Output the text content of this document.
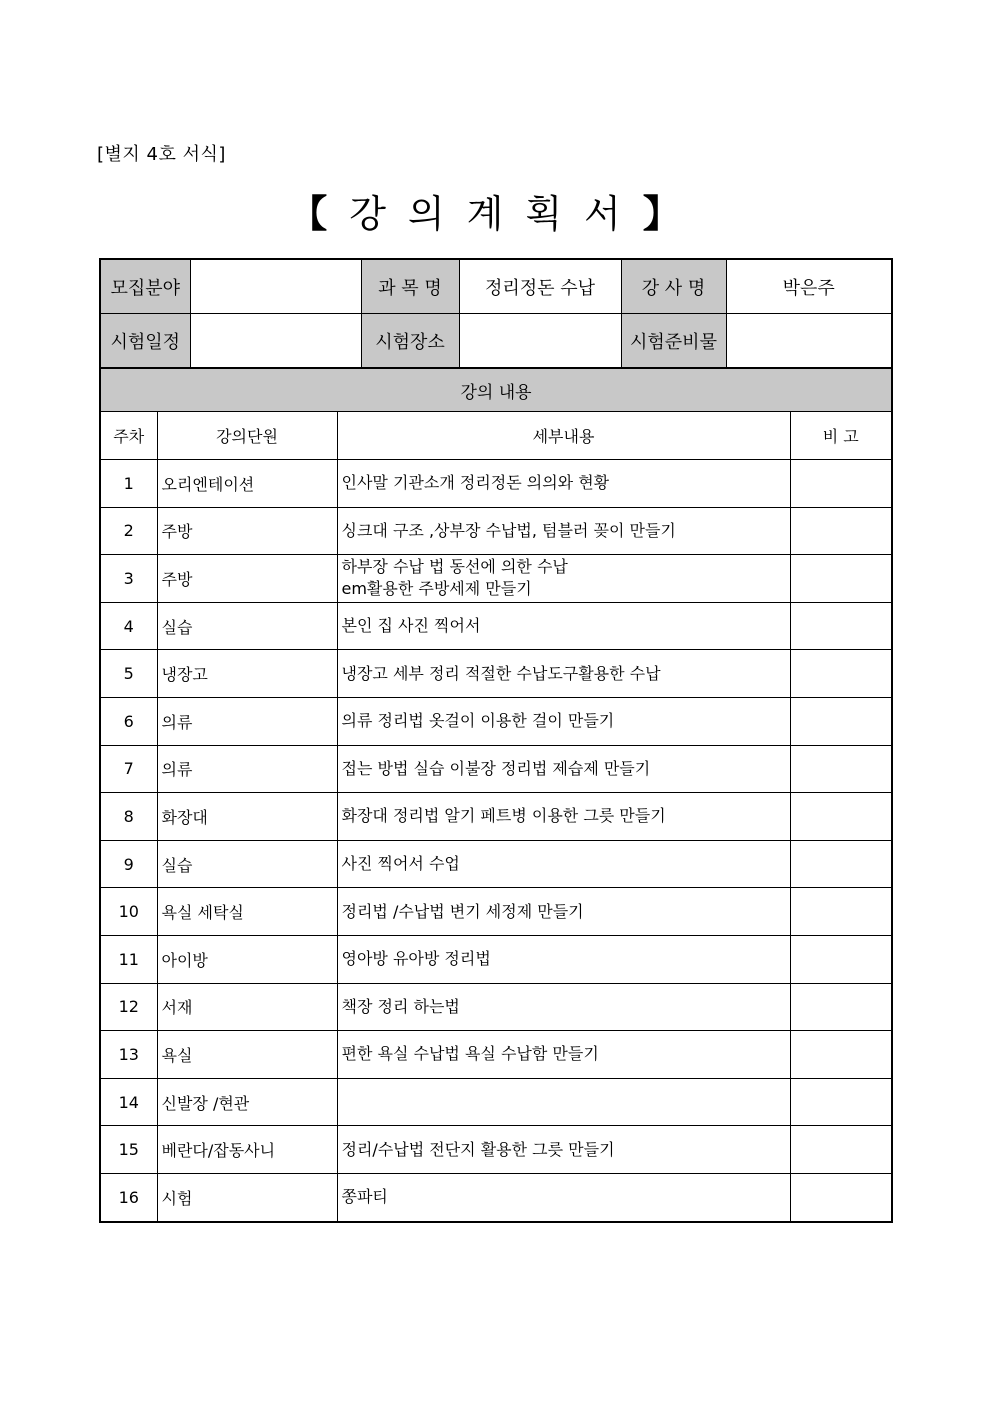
[별지 4호 서식]
【강의계획서】
모집분야		과 목 명	정리정돈 수납	강 사 명	박은주
시험일정		시험장소		시험준비물	
강의 내용			
주차	강의단원	세부내용	비 고
1	오리엔테이션	인사말 기관소개 정리정돈 의의와 현황	

2	주방	싱크대 구조 ,상부장 수납법, 텀블러 꽂이 만들기	

3	주방	하부장 수납 법 동선에 의한 수납
em활용한 주방세제 만들기	

4	실습	본인 집 사진 찍어서	

5	냉장고	냉장고 세부 정리 적절한 수납도구활용한 수납	

6	의류	의류 정리법 옷걸이 이용한 걸이 만들기	

7	의류	접는 방법 실습 이불장 정리법 제습제 만들기	

8	화장대	화장대 정리법 알기 페트병 이용한 그릇 만들기	

9	실습	사진 찍어서 수업	

10	욕실 세탁실	정리법 /수납법 변기 세정제 만들기	

11	아이방	영아방 유아방 정리법	

12	서재	책장 정리 하는법	

13	욕실	편한 욕실 수납법 욕실 수납함 만들기	

14	신발장 /현관	

15	베란다/잡동사니	정리/수납법 전단지 활용한 그릇 만들기	

16	시험	쫑파티	
